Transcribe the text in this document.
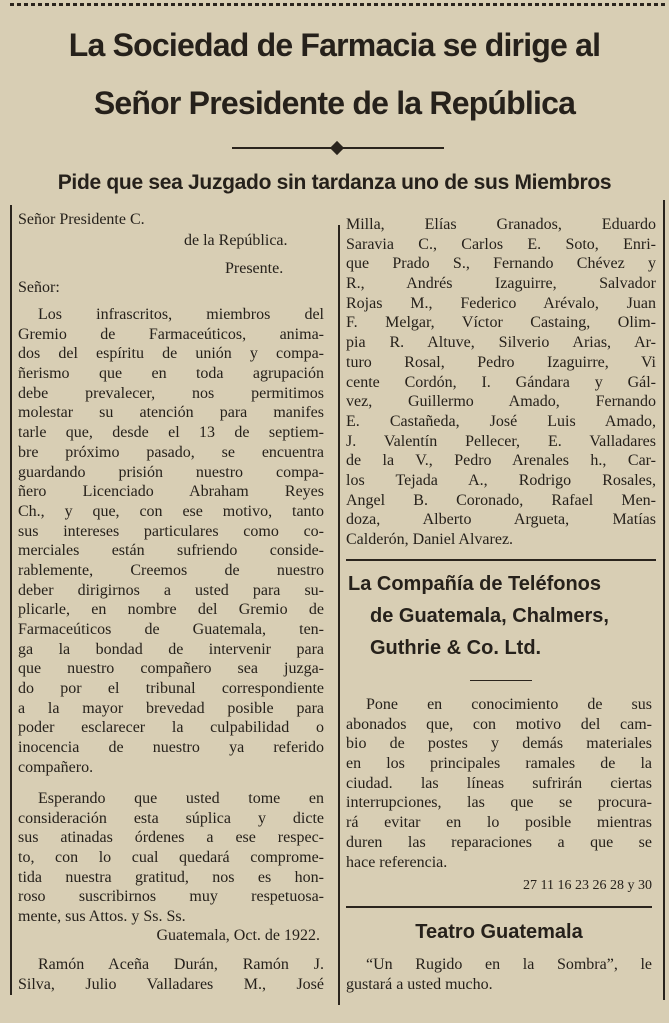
La Sociedad de Farmacia se dirige al
Señor Presidente de la República
Pide que sea Juzgado sin tardanza uno de sus Miembros
Señor Presidente C.
de la República.
Presente.
Señor:
Los infrascritos, miembros del
Gremio de Farmaceúticos, anima-
dos del espíritu de unión y compa-
ñerismo que en toda agrupación
debe prevalecer, nos permitimos
molestar su atención para manifes
tarle que, desde el 13 de septiem-
bre próximo pasado, se encuentra
guardando prisión nuestro compa-
ñero Licenciado Abraham Reyes
Ch., y que, con ese motivo, tanto
sus intereses particulares como co-
merciales están sufriendo conside-
rablemente, Creemos de nuestro
deber dirigirnos a usted para su-
plicarle, en nombre del Gremio de
Farmaceúticos de Guatemala, ten-
ga la bondad de intervenir para
que nuestro compañero sea juzga-
do por el tribunal correspondiente
a la mayor brevedad posible para
poder esclarecer la culpabilidad o
inocencia de nuestro ya referido
compañero.
Esperando que usted tome en
consideración esta súplica y dicte
sus atinadas órdenes a ese respec-
to, con lo cual quedará comprome-
tida nuestra gratitud, nos es hon-
roso suscribirnos muy respetuosa-
mente, sus Attos. y Ss. Ss.
Guatemala, Oct. de 1922.
Ramón Aceña Durán, Ramón J.
Silva, Julio Valladares M., José
Milla, Elías Granados, Eduardo
Saravia C., Carlos E. Soto, Enri-
que Prado S., Fernando Chévez y
R., Andrés Izaguirre, Salvador
Rojas M., Federico Arévalo, Juan
F. Melgar, Víctor Castaing, Olim-
pia R. Altuve, Silverio Arias, Ar-
turo Rosal, Pedro Izaguirre, Vi
cente Cordón, I. Gándara y Gál-
vez, Guillermo Amado, Fernando
E. Castañeda, José Luis Amado,
J. Valentín Pellecer, E. Valladares
de la V., Pedro Arenales h., Car-
los Tejada A., Rodrigo Rosales,
Angel B. Coronado, Rafael Men-
doza, Alberto Argueta, Matías
Calderón, Daniel Alvarez.
La Compañía de Teléfonos
de Guatemala, Chalmers,
Guthrie & Co. Ltd.
Pone en conocimiento de sus
abonados que, con motivo del cam-
bio de postes y demás materiales
en los principales ramales de la
ciudad. las líneas sufrirán ciertas
interrupciones, las que se procura-
rá evitar en lo posible mientras
duren las reparaciones a que se
hace referencia.
27 11 16 23 26 28 y 30
Teatro Guatemala
“Un Rugido en la Sombra”, le
gustará a usted mucho.
